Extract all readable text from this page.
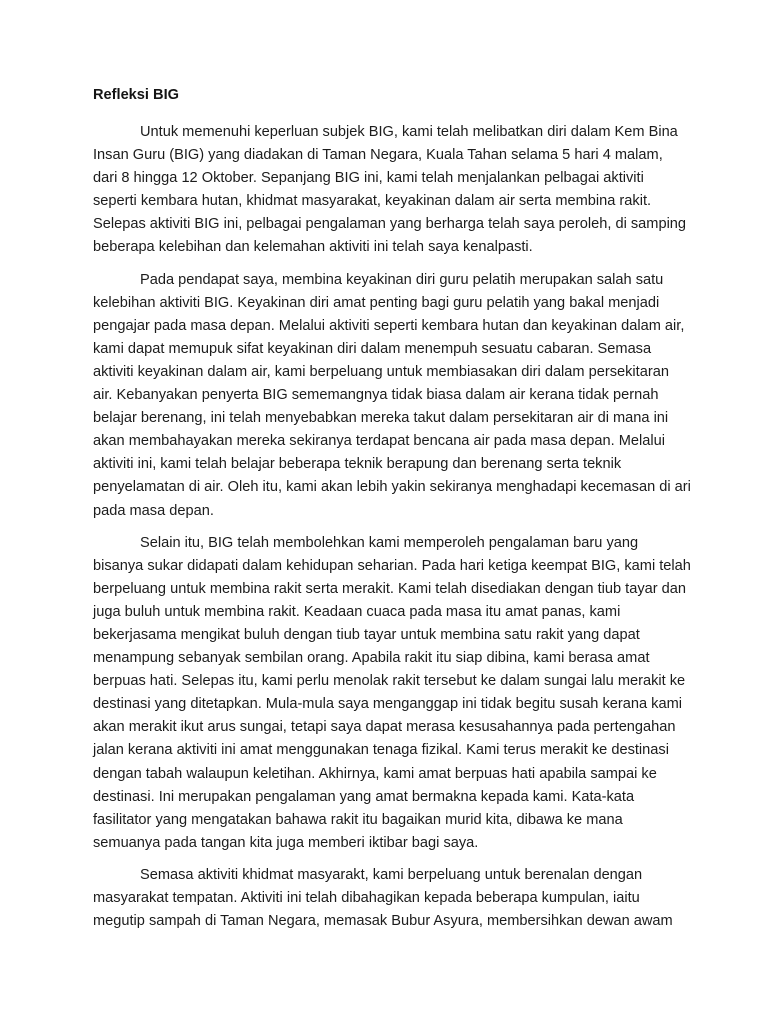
Refleksi BIG

Untuk memenuhi keperluan subjek BIG, kami telah melibatkan diri dalam Kem Bina
Insan Guru (BIG) yang diadakan di Taman Negara, Kuala Tahan selama 5 hari 4 malam,
dari 8 hingga 12 Oktober. Sepanjang BIG ini, kami telah menjalankan pelbagai aktiviti
seperti kembara hutan, khidmat masyarakat, keyakinan dalam air serta membina rakit.
Selepas aktiviti BIG ini, pelbagai pengalaman yang berharga telah saya peroleh, di samping
beberapa kelebihan dan kelemahan aktiviti ini telah saya kenalpasti.

Pada pendapat saya, membina keyakinan diri guru pelatih merupakan salah satu
kelebihan aktiviti BIG. Keyakinan diri amat penting bagi guru pelatih yang bakal menjadi
pengajar pada masa depan. Melalui aktiviti seperti kembara hutan dan keyakinan dalam air,
kami dapat memupuk sifat keyakinan diri dalam menempuh sesuatu cabaran. Semasa
aktiviti keyakinan dalam air, kami berpeluang untuk membiasakan diri dalam persekitaran
air. Kebanyakan penyerta BIG sememangnya tidak biasa dalam air kerana tidak pernah
belajar berenang, ini telah menyebabkan mereka takut dalam persekitaran air di mana ini
akan membahayakan mereka sekiranya terdapat bencana air pada masa depan. Melalui
aktiviti ini, kami telah belajar beberapa teknik berapung dan berenang serta teknik
penyelamatan di air. Oleh itu, kami akan lebih yakin sekiranya menghadapi kecemasan di ari
pada masa depan.

Selain itu, BIG telah membolehkan kami memperoleh pengalaman baru yang
bisanya sukar didapati dalam kehidupan seharian. Pada hari ketiga keempat BIG, kami telah
berpeluang untuk membina rakit serta merakit. Kami telah disediakan dengan tiub tayar dan
juga buluh untuk membina rakit. Keadaan cuaca pada masa itu amat panas, kami
bekerjasama mengikat buluh dengan tiub tayar untuk membina satu rakit yang dapat
menampung sebanyak sembilan orang. Apabila rakit itu siap dibina, kami berasa amat
berpuas hati. Selepas itu, kami perlu menolak rakit tersebut ke dalam sungai lalu merakit ke
destinasi yang ditetapkan. Mula-mula saya menganggap ini tidak begitu susah kerana kami
akan merakit ikut arus sungai, tetapi saya dapat merasa kesusahannya pada pertengahan
jalan kerana aktiviti ini amat menggunakan tenaga fizikal. Kami terus merakit ke destinasi
dengan tabah walaupun keletihan. Akhirnya, kami amat berpuas hati apabila sampai ke
destinasi. Ini merupakan pengalaman yang amat bermakna kepada kami. Kata-kata
fasilitator yang mengatakan bahawa rakit itu bagaikan murid kita, dibawa ke mana
semuanya pada tangan kita juga memberi iktibar bagi saya.

Semasa aktiviti khidmat masyarakt, kami berpeluang untuk berenalan dengan
masyarakat tempatan. Aktiviti ini telah dibahagikan kepada beberapa kumpulan, iaitu
megutip sampah di Taman Negara, memasak Bubur Asyura, membersihkan dewan awam
